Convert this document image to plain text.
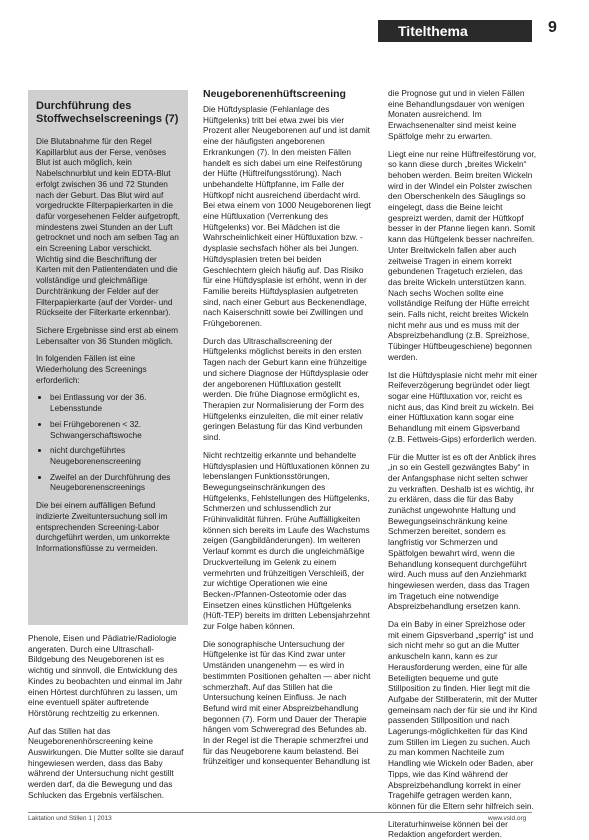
Titelthema	9
Durchführung des Stoffwechselscreenings (7)

Die Blutabnahme für den Regel Kapillarblut aus der Ferse, venöses Blut ist auch möglich, kein Nabelschnurblut und kein EDTA-Blut erfolgt zwischen 36 und 72 Stunden nach der Geburt. Das Blut wird auf vorgedruckte Filterpapierkarten in die dafür vorgesehenen Felder aufgetropft, mindestens zwei Stunden an der Luft getrocknet und noch am selben Tag an ein Screening Labor verschickt. Wichtig sind die Beschriftung der Karten mit den Patientendaten und die vollständige und gleichmäßige Durchtränkung der Felder auf der Filterpapierkarte (auf der Vorder- und Rückseite der Filterkarte erkennbar).

Sichere Ergebnisse sind erst ab einem Lebensalter von 36 Stunden möglich.

In folgenden Fällen ist eine Wiederholung des Screenings erforderlich:

• bei Entlassung vor der 36. Lebensstunde
• bei Frühgeborenen < 32. Schwangerschaftswoche
• nicht durchgeführtes Neugeborenenscreening
• Zweifel an der Durchführung des Neugeborenenscreenings

Die bei einem auffälligen Befund indizierte Zweituntersuchung soll im entsprechenden Screening-Labor durchgeführt werden, um unkorrekte Informationsflüsse zu vermeiden.

Phenole, Eisen und Pädiatrie/Radiologie angeraten. Durch eine Ultraschall-Bildgebung des Neugeborenen ist es wichtig und sinnvoll, die Entwicklung des Kindes zu beobachten und einmal im Jahr einen Hörtest durchführen zu lassen, um eine eventuell später auftretende Hörstörung rechtzeitig zu erkennen.

Auf das Stillen hat das Neugeborenenhörscreening keine Auswirkungen. Die Mutter sollte sie darauf hingewiesen werden, dass das Baby während der Untersuchung nicht gestillt werden darf, da die Bewegung und das Schlucken das Ergebnis verfälschen.

Neugeborenenhüftscreening

Die Hüftdysplasie (Fehlanlage des Hüftgelenks) tritt bei etwa zwei bis vier Prozent aller Neugeborenen auf und ist damit eine der häufigsten angeborenen Erkrankungen (7). In den meisten Fällen handelt es sich dabei um eine Reifestörung der Hüfte (Hüftreifungsstörung). Nach unbehandelte Hüftpfanne, im Falle der Hüftkopf nicht ausreichend überdacht wird. Bei etwa einem von 1000 Neugeborenen liegt eine Hüftluxation (Verrenkung des Hüftgelenks) vor. Bei Mädchen ist die Wahrscheinlichkeit einer Hüftluxation bzw. -dysplasie sechsfach höher als bei Jungen. Hüftdysplasien treten bei beiden Geschlechtern gleich häufig auf. Das Risiko für eine Hüftdysplasie ist erhöht, wenn in der Familie bereits Hüftdysplasien aufgetreten sind, nach einer Geburt aus Beckenendlage, nach Kaiserschnitt sowie bei Zwillingen und Frühgeborenen.

Durch das Ultraschallscreening der Hüftgelenks möglichst bereits in den ersten Tagen nach der Geburt kann eine frühzeitige und sichere Diagnose der Hüftdysplasie oder der angeborenen Hüftluxation gestellt werden. Die frühe Diagnose ermöglicht es, Therapien zur Normalisierung der Form des Hüftgelenks einzuleiten, die mit einer relativ geringen Belastung für das Kind verbunden sind.

Nicht rechtzeitig erkannte und behandelte Hüftdysplasien und Hüftluxationen können zu lebenslangen Funktionsstörungen, Bewegungseinschränkungen des Hüftgelenks, Fehlstellungen des Hüftgelenks, Schmerzen und schlussendlich zur Frühinvalidität führen. Frühe Auffälligkeiten können sich bereits im Laufe des Wachstums zeigen (Gangbildänderungen). Im weiteren Verlauf kommt es durch die ungleichmäßige Druckverteilung im Gelenk zu einem vermehrten und frühzeitigen Verschleiß, der zur wichtige Operationen wie eine Becken-/Pfannen-Osteotomie oder das Einsetzen eines künstlichen Hüftgelenks (Hüft-TEP) bereits im dritten Lebensjahrzehnt zur Folge haben können.

Die sonographische Untersuchung der Hüftgelenke ist für das Kind zwar unter Umständen unangenehm — es wird in bestimmten Positionen gehalten — aber nicht schmerzhaft. Auf das Stillen hat die Untersuchung keinen Einfluss. Je nach Befund wird mit einer Abspreizbehandlung begonnen (7). Form und Dauer der Therapie hängen vom Schweregrad des Befundes ab. In der Regel ist die Therapie schmerzfrei und für das Neugeborene kaum belastend. Bei frühzeitiger und konsequenter Behandlung ist

die Prognose gut und in vielen Fällen eine Behandlungsdauer von wenigen Monaten ausreichend. Im Erwachsenenalter sind meist keine Spätfolge mehr zu erwarten.

Liegt eine nur reine Hüftreifestörung vor, so kann diese durch „breites Wickeln“ behoben werden. Beim breiten Wickeln wird in der Windel ein Polster zwischen den Oberschenkeln des Säuglings so eingelegt, dass die Beine leicht gespreizt werden, damit der Hüftkopf besser in der Pfanne liegen kann. Somit kann das Hüftgelenk besser nachreifen. Unter Breitwickeln fallen aber auch zeitweise Tragen in einem korrekt gebundenen Tragetuch erzielen, das das breite Wickeln unterstützen kann. Nach sechs Wochen sollte eine vollständige Reifung der Hüfte erreicht sein. Falls nicht, reicht breites Wickeln nicht mehr aus und es muss mit der Abspreizbehandlung (z.B. Spreizhose, Tübinger Hüftbeugeschiene) begonnen werden.

Ist die Hüftdysplasie nicht mehr mit einer Reifeverzögerung begründet oder liegt sogar eine Hüftluxation vor, reicht es nicht aus, das Kind breit zu wickeln. Bei einer Hüftluxation kann sogar eine Behandlung mit einem Gipsverband (z.B. Fettweis-Gips) erforderlich werden.

Für die Mutter ist es oft der Anblick ihres „in so ein Gestell gezwängtes Baby“ in der Anfangsphase nicht selten schwer zu verkraften. Deshalb ist es wichtig, ihr zu erklären, dass die für das Baby zunächst ungewohnte Haltung und Bewegungseinschränkung keine Schmerzen bereitet, sondern es langfristig vor Schmerzen und Spätfolgen bewahrt wird, wenn die Behandlung konsequent durchgeführt wird. Auch muss auf den Anziehmarkt hingewiesen werden, dass das Tragen im Tragetuch eine notwendige Abspreizbehandlung ersetzen kann.

Da ein Baby in einer Spreizhose oder mit einem Gipsverband „sperrig“ ist und sich nicht mehr so gut an die Mutter ankuscheln kann, kann es zur Herausforderung werden, eine für alle Beteiligten bequeme und gute Stillposition zu finden. Hier liegt mit die Aufgabe der Stillberaterin, mit der Mutter gemeinsam nach der für sie und ihr Kind passenden Stillposition und nach Lagerungs-möglichkeiten für das Kind zum Stillen im Liegen zu suchen. Auch zu man kommen Nachteile zum Handling wie Wickeln oder Baden, aber Tipps, wie das Kind während der Abspreizbehandlung korrekt in einer Tragehilfe getragen werden kann, können für die Eltern sehr hilfreich sein.

Literaturhinweise können bei der Redaktion angefordert werden.

Laktation und Stillen 1 | 2013	www.vsld.org
